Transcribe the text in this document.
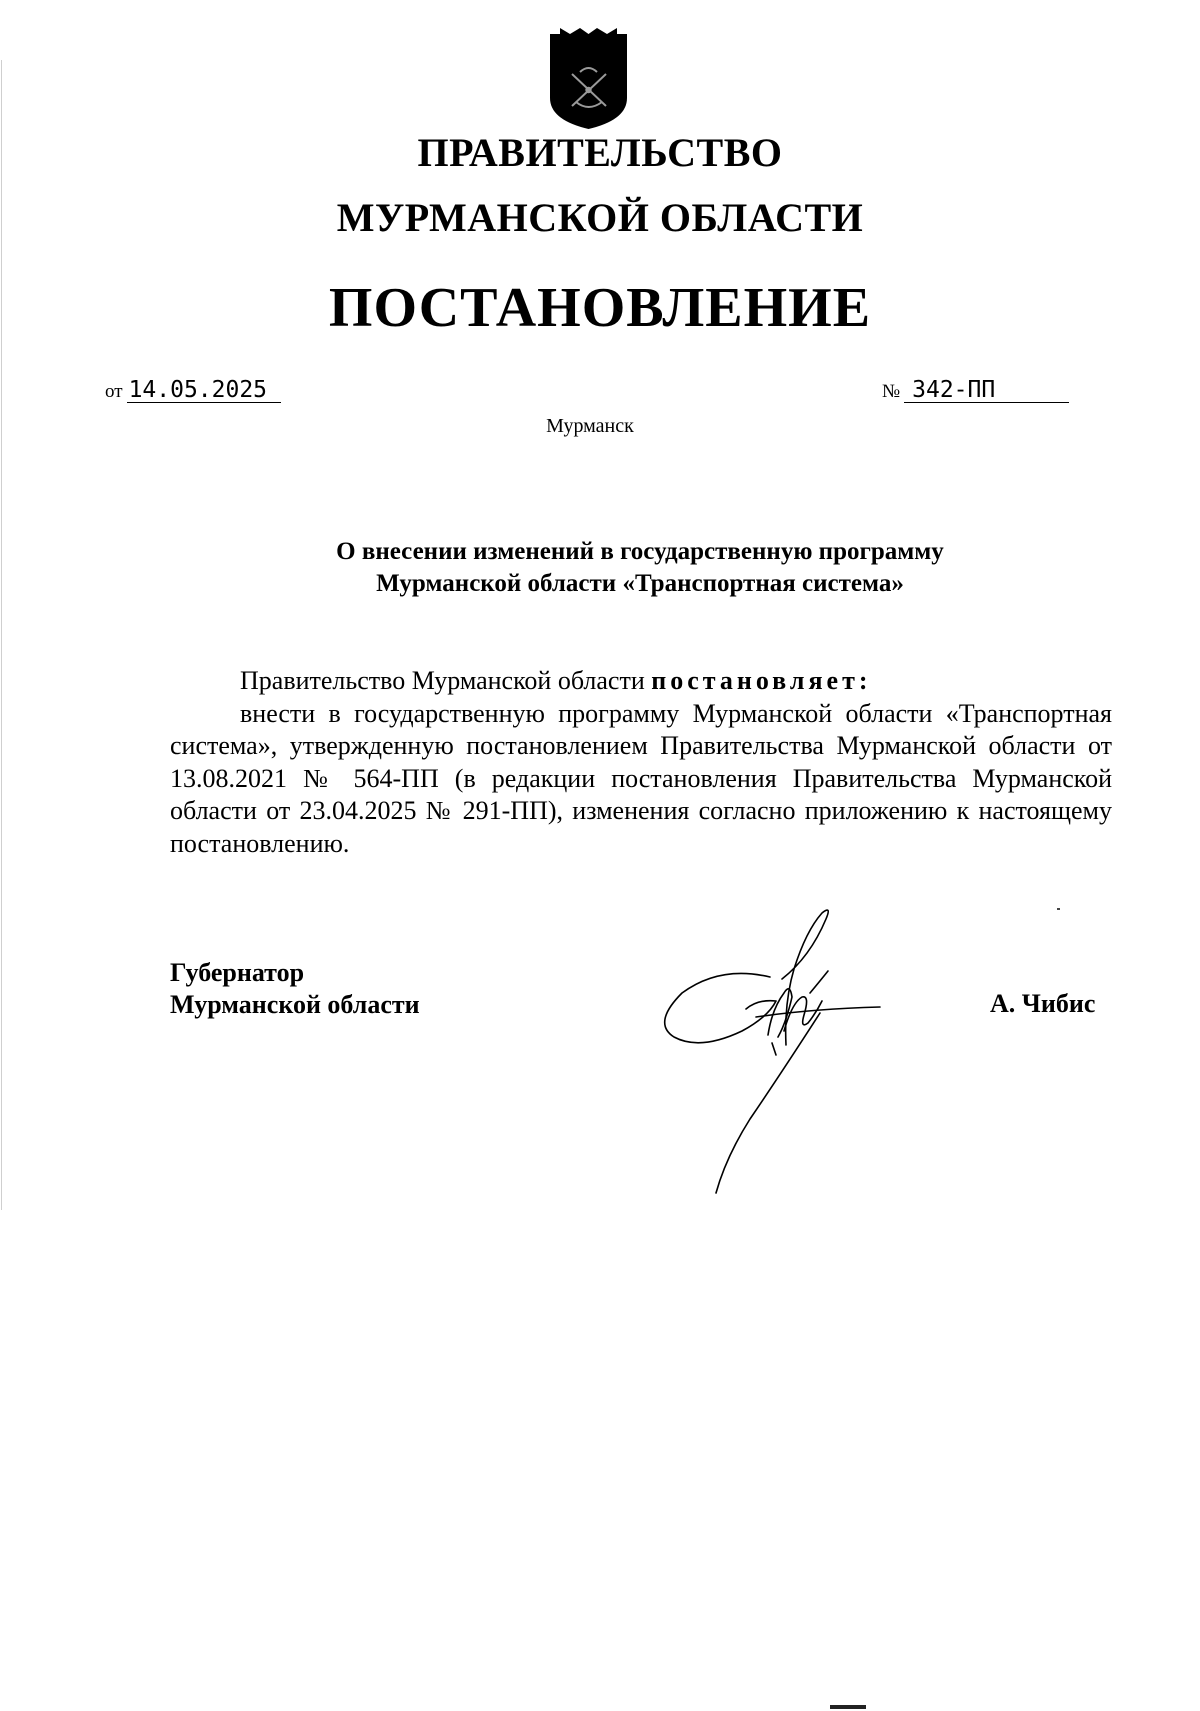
ПРАВИТЕЛЬСТВО
МУРМАНСКОЙ ОБЛАСТИ
ПОСТАНОВЛЕНИЕ
от 14.05.2025	№ 342-ПП
Мурманск
О внесении изменений в государственную программу
Мурманской области «Транспортная система»

Правительство Мурманской области постановляет:

внести в государственную программу Мурманской области «Транспортная система», утвержденную постановлением Правительства Мурманской области от 13.08.2021 № 564-ПП (в редакции постановления Правительства Мурманской области от 23.04.2025 № 291-ПП), изменения согласно приложению к настоящему постановлению.

Губернатор
Мурманской области	А. Чибис
